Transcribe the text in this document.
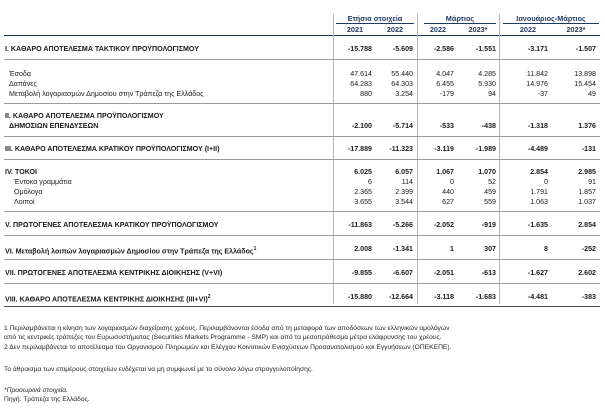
Ετήσια στοιχεία	Μάρτιος	Ιανουάριος-Μάρτιος
2021	2022	2022	2023*	2022	2023*
I. ΚΑΘΑΡΟ ΑΠΟΤΕΛΕΣΜΑ ΤΑΚΤΙΚΟΥ ΠΡΟΫΠΟΛΟΓΙΣΜΟΥ	-15.788	-5.609	-2.586	-1.551	-3.171	-1.507
Έσοδα	47.614	55.440	4.047	4.285	11.842	13.898
Δαπάνες	64.283	64.303	6.455	5.930	14.976	15.454
Μεταβολή λογαριασμών Δημοσίου στην Τράπεζα της Ελλάδος	880	3.254	-179	94	-37	49
II. ΚΑΘΑΡΟ ΑΠΟΤΕΛΕΣΜΑ ΠΡΟΫΠΟΛΟΓΙΣΜΟΥ
ΔΗΜΟΣΙΩΝ ΕΠΕΝΔΥΣΕΩΝ	-2.100	-5.714	-533	-438	-1.318	1.376
III. ΚΑΘΑΡΟ ΑΠΟΤΕΛΕΣΜΑ ΚΡΑΤΙΚΟΥ ΠΡΟΫΠΟΛΟΓΙΣΜΟΥ (I+II)	-17.889	-11.323	-3.119	-1.989	-4.489	-131
IV. ΤΟΚΟΙ	6.025	6.057	1.067	1.070	2.854	2.985
Έντοκα γραμμάτια	6	114	0	52	0	91
Ομόλογα	2.365	2.399	440	459	1.791	1.857
Λοιποί	3.655	3.544	627	559	1.063	1.037
V. ΠΡΩΤΟΓΕΝΕΣ ΑΠΟΤΕΛΕΣΜΑ ΚΡΑΤΙΚΟΥ ΠΡΟΫΠΟΛΟΓΙΣΜΟΥ	-11.863	-5.266	-2.052	-919	-1.635	2.854
VI. Μεταβολή λοιπών λογαριασμών Δημοσίου στην Τράπεζα της Ελλάδος$^1$	2.008	-1.341	1	307	8	-252
VII. ΠΡΩΤΟΓΕΝΕΣ ΑΠΟΤΕΛΕΣΜΑ ΚΕΝΤΡΙΚΗΣ ΔΙΟΙΚΗΣΗΣ (V+VI)	-9.855	-6.607	-2.051	-613	-1.627	2.602
VIII. ΚΑΘΑΡΟ ΑΠΟΤΕΛΕΣΜΑ ΚΕΝΤΡΙΚΗΣ ΔΙΟΙΚΗΣΗΣ $(III+VI)^2$	-15.880	-12.664	-3.118	-1.683	-4.481	-383
1 Περιλαμβάνεται η κίνηση των λογαριασμών διαχείρισης χρέους. Περιλαμβάνονται έσοδα από τη μεταφορά των αποδόσεων των ελληνικών ομολόγων
από τις κεντρικές τράπεζες του Ευρωσυστήματος (Securities Markets Programme - SMP) και από τα μεσοπρόθεσμα μέτρα ελάφρυνσης του χρέους.
2 Δεν περιλαμβάνεται το αποτέλεσμα του Οργανισμού Πληρωμών και Ελέγχου Κοινοτικών Ενισχύσεων Προσανατολισμού και Εγγυήσεων (ΟΠΕΚΕΠΕ).
Το άθροισμα των επιμέρους στοιχείων ενδέχεται να μη συμφωνεί με το σύνολο λόγω στρογγυλοποίησης.
*Προσωρινά στοιχεία.
Πηγή: Τράπεζα της Ελλάδος.
